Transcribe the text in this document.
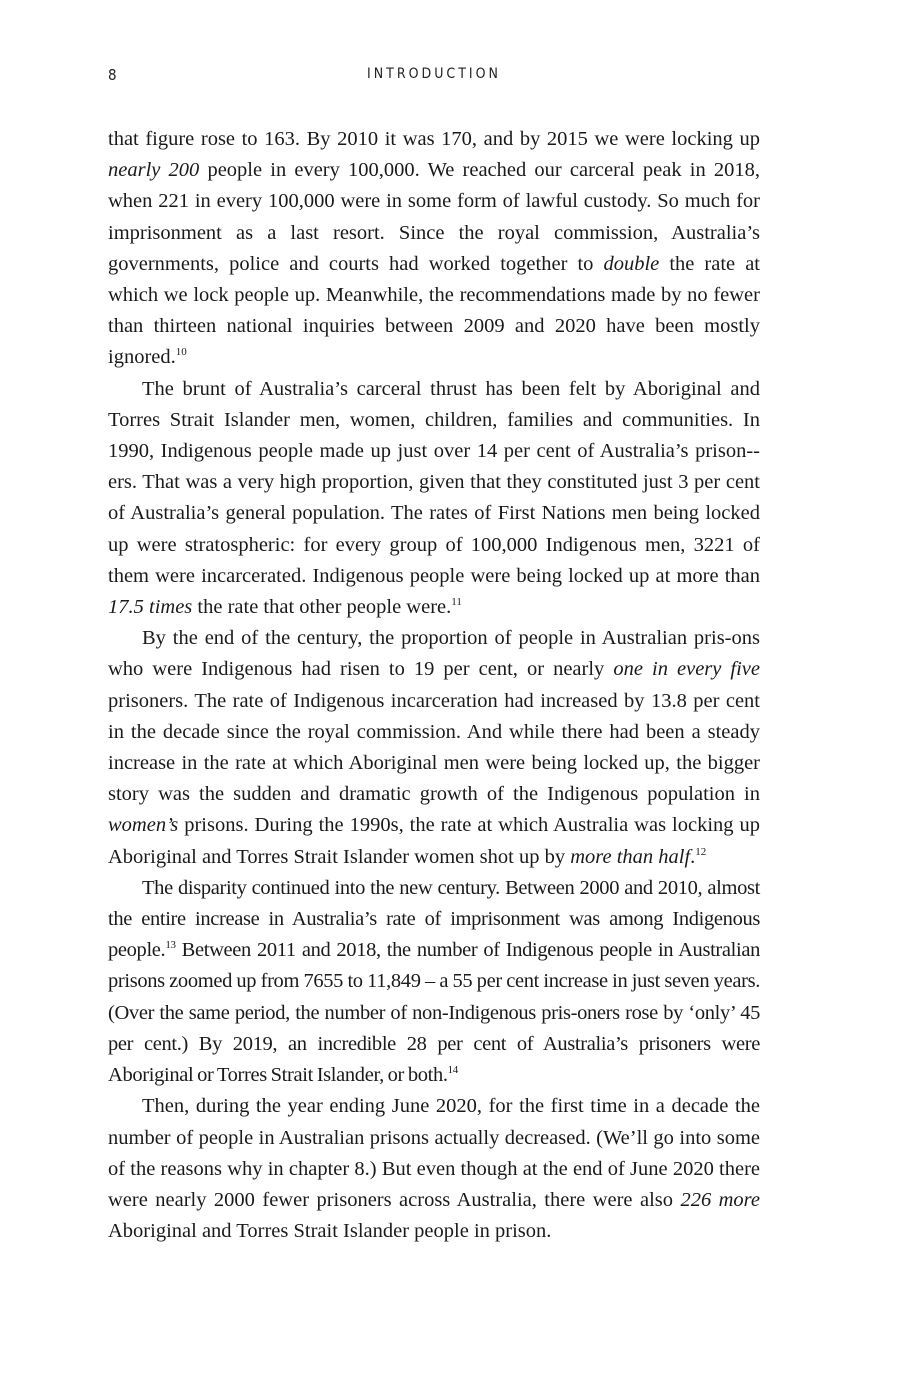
8	INTRODUCTION

that figure rose to 163. By 2010 it was 170, and by 2015 we were locking up nearly 200 people in every 100,000. We reached our carceral peak in 2018, when 221 in every 100,000 were in some form of lawful custody. So much for imprisonment as a last resort. Since the royal commission, Australia’s governments, police and courts had worked together to double the rate at which we lock people up. Meanwhile, the recommendations made by no fewer than thirteen national inquiries between 2009 and 2020 have been mostly ignored.$^{10}$

The brunt of Australia’s carceral thrust has been felt by Aboriginal and Torres Strait Islander men, women, children, families and communities. In 1990, Indigenous people made up just over 14 per cent of Australia’s prison-ers. That was a very high proportion, given that they constituted just 3 per cent of Australia’s general population. The rates of First Nations men being locked up were stratospheric: for every group of 100,000 Indigenous men, 3221 of them were incarcerated. Indigenous people were being locked up at more than 17.5 times the rate that other people were.$^{11}$

By the end of the century, the proportion of people in Australian pris-ons who were Indigenous had risen to 19 per cent, or nearly one in every five prisoners. The rate of Indigenous incarceration had increased by 13.8 per cent in the decade since the royal commission. And while there had been a steady increase in the rate at which Aboriginal men were being locked up, the bigger story was the sudden and dramatic growth of the Indigenous population in women’s prisons. During the 1990s, the rate at which Australia was locking up Aboriginal and Torres Strait Islander women shot up by more than half.$^{12}$

The disparity continued into the new century. Between 2000 and 2010, almost the entire increase in Australia’s rate of imprisonment was among Indigenous people.$^{13}$ Between 2011 and 2018, the number of Indigenous people in Australian prisons zoomed up from 7655 to 11,849 – a 55 per cent increase in just seven years. (Over the same period, the number of non-Indigenous pris-oners rose by ‘only’ 45 per cent.) By 2019, an incredible 28 per cent of Australia’s prisoners were Aboriginal or Torres Strait Islander, or both.$^{14}$

Then, during the year ending June 2020, for the first time in a decade the number of people in Australian prisons actually decreased. (We’ll go into some of the reasons why in chapter 8.) But even though at the end of June 2020 there were nearly 2000 fewer prisoners across Australia, there were also 226 more Aboriginal and Torres Strait Islander people in prison.
